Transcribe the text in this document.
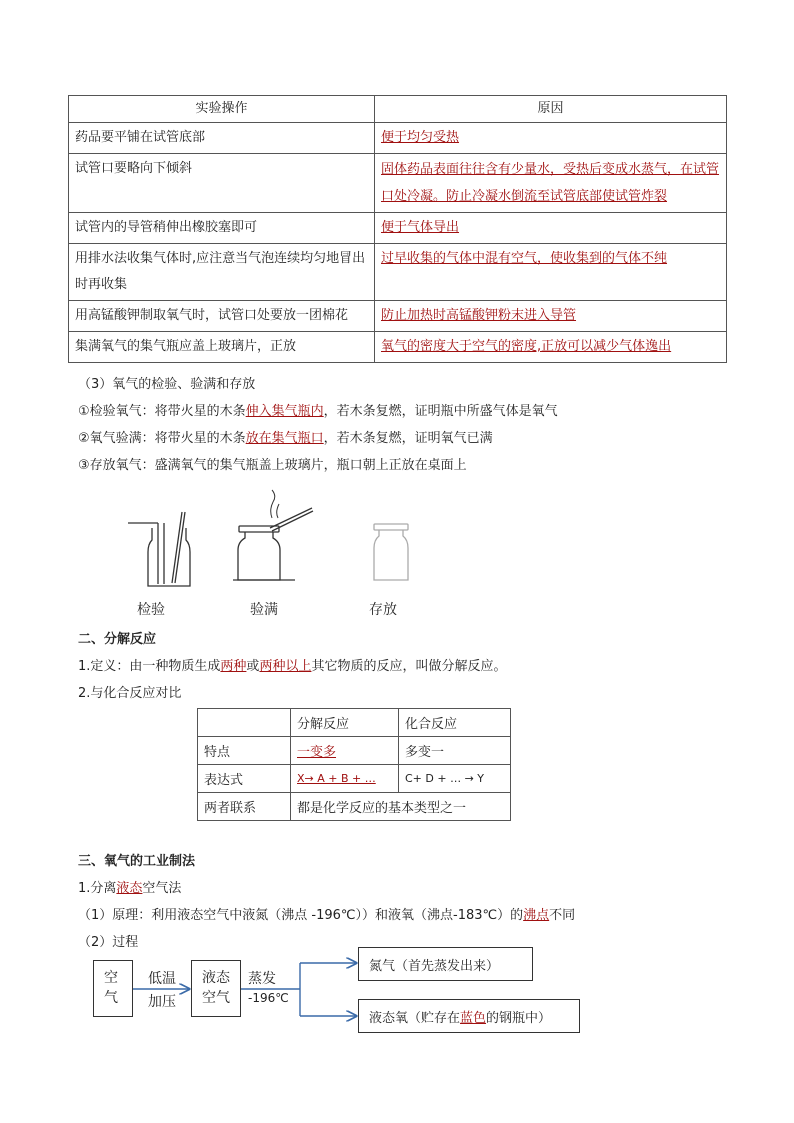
实验操作	原因
药品要平铺在试管底部	便于均匀受热
试管口要略向下倾斜	固体药品表面往往含有少量水，受热后变成水蒸气，在试管口处冷凝。防止冷凝水倒流至试管底部使试管炸裂
试管内的导管稍伸出橡胶塞即可	便于气体导出
用排水法收集气体时,应注意当气泡连续均匀地冒出时再收集	过早收集的气体中混有空气，使收集到的气体不纯
用高锰酸钾制取氧气时，试管口处要放一团棉花	防止加热时高锰酸钾粉末进入导管
集满氧气的集气瓶应盖上玻璃片，正放	氧气的密度大于空气的密度,正放可以减少气体逸出
（3）氧气的检验、验满和存放
①检验氧气：将带火星的木条伸入集气瓶内，若木条复燃，证明瓶中所盛气体是氧气
②氧气验满：将带火星的木条放在集气瓶口，若木条复燃，证明氧气已满
③存放氧气：盛满氧气的集气瓶盖上玻璃片，瓶口朝上正放在桌面上
检验	验满	存放
二、分解反应
1.定义：由一种物质生成两种或两种以上其它物质的反应，叫做分解反应。
2.与化合反应对比
	分解反应	化合反应
特点	一变多	多变一
表达式	X→ A + B + …	C+ D + … → Y
两者联系	都是化学反应的基本类型之一	
三、氧气的工业制法
1.分离液态空气法
（1）原理：利用液态空气中液氮（沸点 -196℃））和液氧（沸点-183℃）的沸点不同
（2）过程
空气
低温
加压
液态空气
蒸发
-196℃
氮气（首先蒸发出来）
液态氧（贮存在蓝色的钢瓶中）
